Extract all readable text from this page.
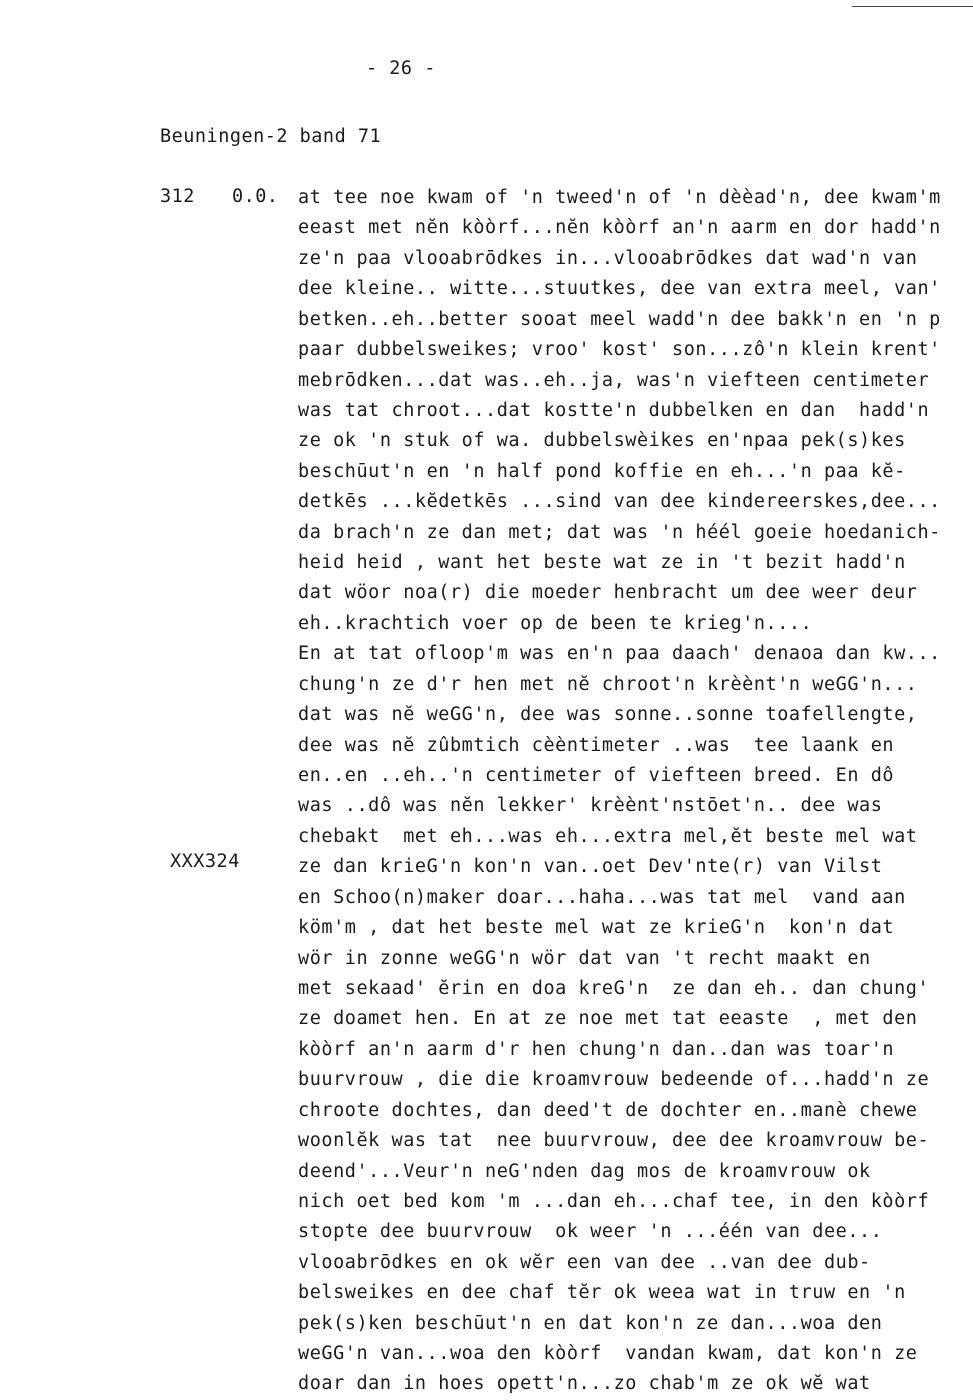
- 26 -
Beuningen-2 band 71
312 0.0.
XXX324
at tee noe kwam of 'n tweed'n of 'n dèèad'n, dee kwam'm
eeast met nĕn kòòrf...nĕn kòòrf an'n aarm en dor hadd'n
ze'n paa vlooabrōdkes in...vlooabrōdkes dat wad'n van
dee kleine.. witte...stuutkes, dee van extra meel, van'
betken..eh..better sooat meel wadd'n dee bakk'n en 'n p
paar dubbelsweikes; vroo' kost' son...zô'n klein krent'
mebrōdken...dat was..eh..ja, was'n viefteen centimeter
was tat chroot...dat kostte'n dubbelken en dan  hadd'n
ze ok 'n stuk of wa. dubbelswèikes en'npaa pek(s)kes
beschūut'n en 'n half pond koffie en eh...'n paa kĕ-
detkēs ...kĕdetkēs ...sind van dee kindereerskes,dee...
da brach'n ze dan met; dat was 'n héél goeie hoedanich-
heid heid , want het beste wat ze in 't bezit hadd'n
dat wöor noa(r) die moeder henbracht um dee weer deur
eh..krachtich voer op de been te krieg'n....
En at tat ofloop'm was en'n paa daach' denaoa dan kw...
chung'n ze d'r hen met nĕ chroot'n krèènt'n weGG'n...
dat was nĕ weGG'n, dee was sonne..sonne toafellengte,
dee was nĕ zûbmtich cèèntimeter ..was  tee laank en
en..en ..eh..'n centimeter of viefteen breed. En dô
was ..dô was nĕn lekker' krèènt'nstōet'n.. dee was
chebakt  met eh...was eh...extra mel,ĕt beste mel wat
ze dan krieG'n kon'n van..oet Dev'nte(r) van Vilst
en Schoo(n)maker doar...haha...was tat mel  vand aan
köm'm , dat het beste mel wat ze krieG'n  kon'n dat
wör in zonne weGG'n wör dat van 't recht maakt en
met sekaad' ĕrin en doa kreG'n  ze dan eh.. dan chung'
ze doamet hen. En at ze noe met tat eeaste  , met den
kòòrf an'n aarm d'r hen chung'n dan..dan was toar'n
buurvrouw , die die kroamvrouw bedeende of...hadd'n ze
chroote dochtes, dan deed't de dochter en..manè chewe
woonlĕk was tat  nee buurvrouw, dee dee kroamvrouw be-
deend'...Veur'n neG'nden dag mos de kroamvrouw ok
nich oet bed kom 'm ...dan eh...chaf tee, in den kòòrf
stopte dee buurvrouw  ok weer 'n ...één van dee...
vlooabrōdkes en ok wĕr een van dee ..van dee dub-
belsweikes en dee chaf tĕr ok weea wat in truw en 'n
pek(s)ken beschūut'n en dat kon'n ze dan...woa den
weGG'n van...woa den kòòrf  vandan kwam, dat kon'n ze
doar dan in hoes opett'n...zo chab'm ze ok wĕ wat
